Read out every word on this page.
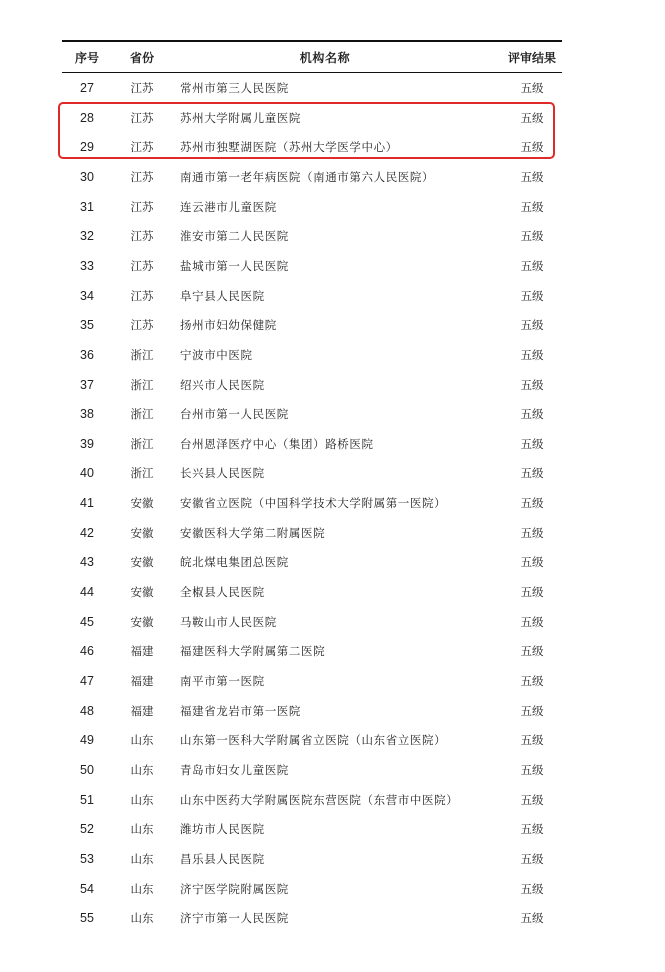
序号	省份	机构名称	评审结果
27	江苏	常州市第三人民医院	五级
28	江苏	苏州大学附属儿童医院	五级
29	江苏	苏州市独墅湖医院（苏州大学医学中心）	五级
30	江苏	南通市第一老年病医院（南通市第六人民医院）	五级
31	江苏	连云港市儿童医院	五级
32	江苏	淮安市第二人民医院	五级
33	江苏	盐城市第一人民医院	五级
34	江苏	阜宁县人民医院	五级
35	江苏	扬州市妇幼保健院	五级
36	浙江	宁波市中医院	五级
37	浙江	绍兴市人民医院	五级
38	浙江	台州市第一人民医院	五级
39	浙江	台州恩泽医疗中心（集团）路桥医院	五级
40	浙江	长兴县人民医院	五级
41	安徽	安徽省立医院（中国科学技术大学附属第一医院）	五级
42	安徽	安徽医科大学第二附属医院	五级
43	安徽	皖北煤电集团总医院	五级
44	安徽	全椒县人民医院	五级
45	安徽	马鞍山市人民医院	五级
46	福建	福建医科大学附属第二医院	五级
47	福建	南平市第一医院	五级
48	福建	福建省龙岩市第一医院	五级
49	山东	山东第一医科大学附属省立医院（山东省立医院）	五级
50	山东	青岛市妇女儿童医院	五级
51	山东	山东中医药大学附属医院东营医院（东营市中医院）	五级
52	山东	潍坊市人民医院	五级
53	山东	昌乐县人民医院	五级
54	山东	济宁医学院附属医院	五级
55	山东	济宁市第一人民医院	五级
